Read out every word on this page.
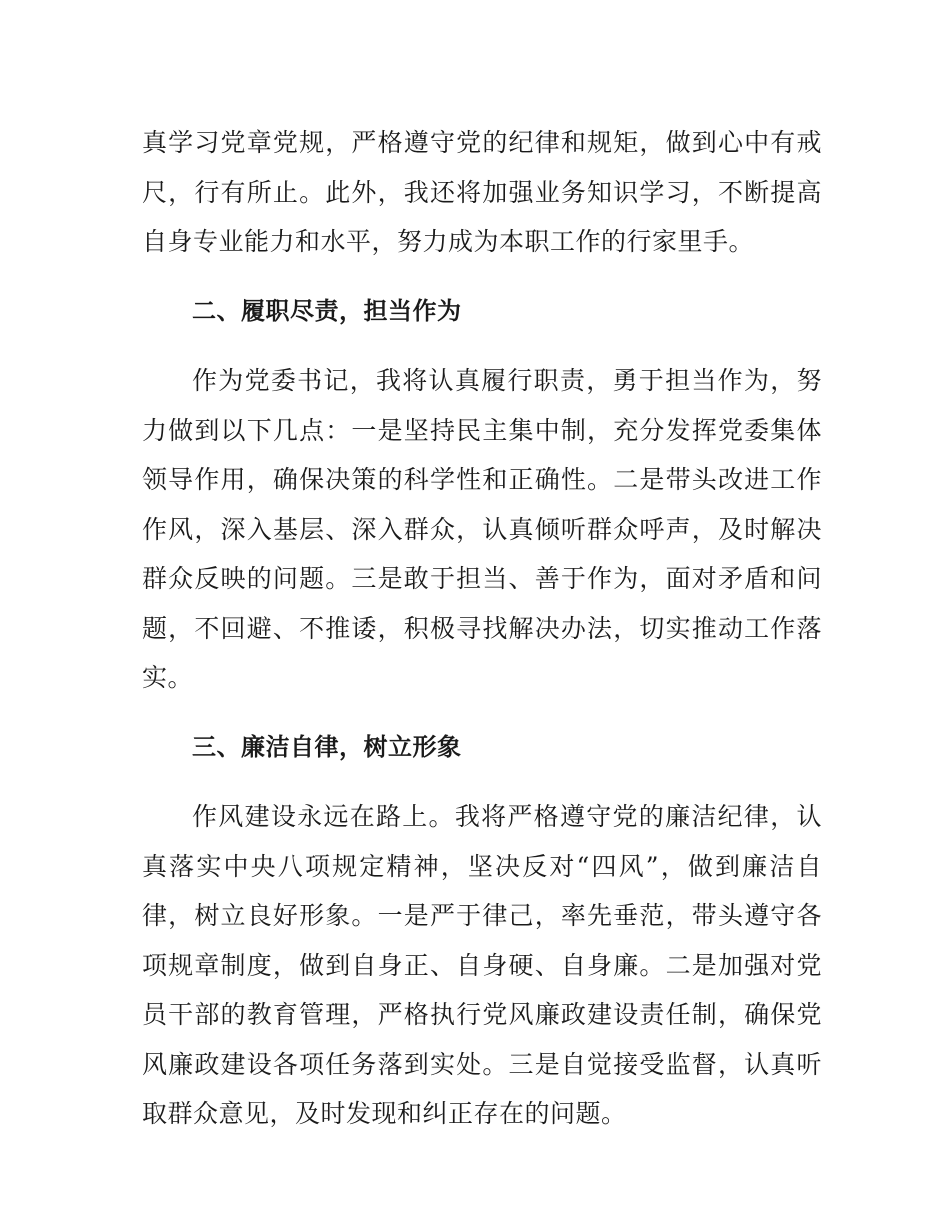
真学习党章党规，严格遵守党的纪律和规矩，做到心中有戒尺，行有所止。此外，我还将加强业务知识学习，不断提高自身专业能力和水平，努力成为本职工作的行家里手。

二、履职尽责，担当作为

作为党委书记，我将认真履行职责，勇于担当作为，努力做到以下几点：一是坚持民主集中制，充分发挥党委集体领导作用，确保决策的科学性和正确性。二是带头改进工作作风，深入基层、深入群众，认真倾听群众呼声，及时解决群众反映的问题。三是敢于担当、善于作为，面对矛盾和问题，不回避、不推诿，积极寻找解决办法，切实推动工作落实。

三、廉洁自律，树立形象

作风建设永远在路上。我将严格遵守党的廉洁纪律，认真落实中央八项规定精神，坚决反对“四风”，做到廉洁自律，树立良好形象。一是严于律己，率先垂范，带头遵守各项规章制度，做到自身正、自身硬、自身廉。二是加强对党员干部的教育管理，严格执行党风廉政建设责任制，确保党风廉政建设各项任务落到实处。三是自觉接受监督，认真听取群众意见，及时发现和纠正存在的问题。
